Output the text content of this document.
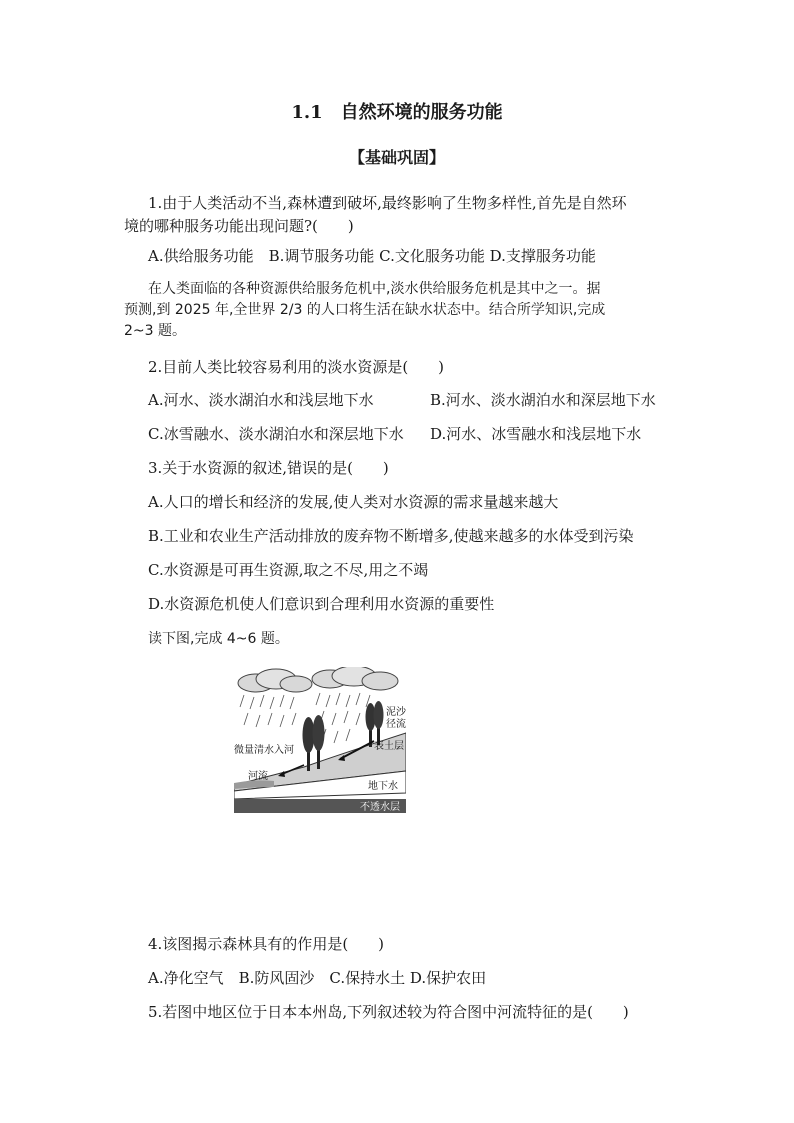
1.1　自然环境的服务功能
【基础巩固】
1.由于人类活动不当,森林遭到破坏,最终影响了生物多样性,首先是自然环
境的哪种服务功能出现问题?(　　)
A.供给服务功能　B.调节服务功能 C.文化服务功能 D.支撑服务功能
在人类面临的各种资源供给服务危机中,淡水供给服务危机是其中之一。据
预测,到 2025 年,全世界 2/3 的人口将生活在缺水状态中。结合所学知识,完成
2~3 题。
2.目前人类比较容易利用的淡水资源是(　　)
A.河水、淡水湖泊水和浅层地下水	B.河水、淡水湖泊水和深层地下水
C.冰雪融水、淡水湖泊水和深层地下水 D.河水、冰雪融水和浅层地下水
3.关于水资源的叙述,错误的是(　　)
A.人口的增长和经济的发展,使人类对水资源的需求量越来越大
B.工业和农业生产活动排放的废弃物不断增多,使越来越多的水体受到污染
C.水资源是可再生资源,取之不尽,用之不竭
D.水资源危机使人们意识到合理利用水资源的重要性
读下图,完成 4~6 题。
泥沙
径流
表土层
微量清水入河
河流
地下水
不透水层
4.该图揭示森林具有的作用是(　　)
A.净化空气　B.防风固沙　C.保持水土 D.保护农田
5.若图中地区位于日本本州岛,下列叙述较为符合图中河流特征的是(　　)
